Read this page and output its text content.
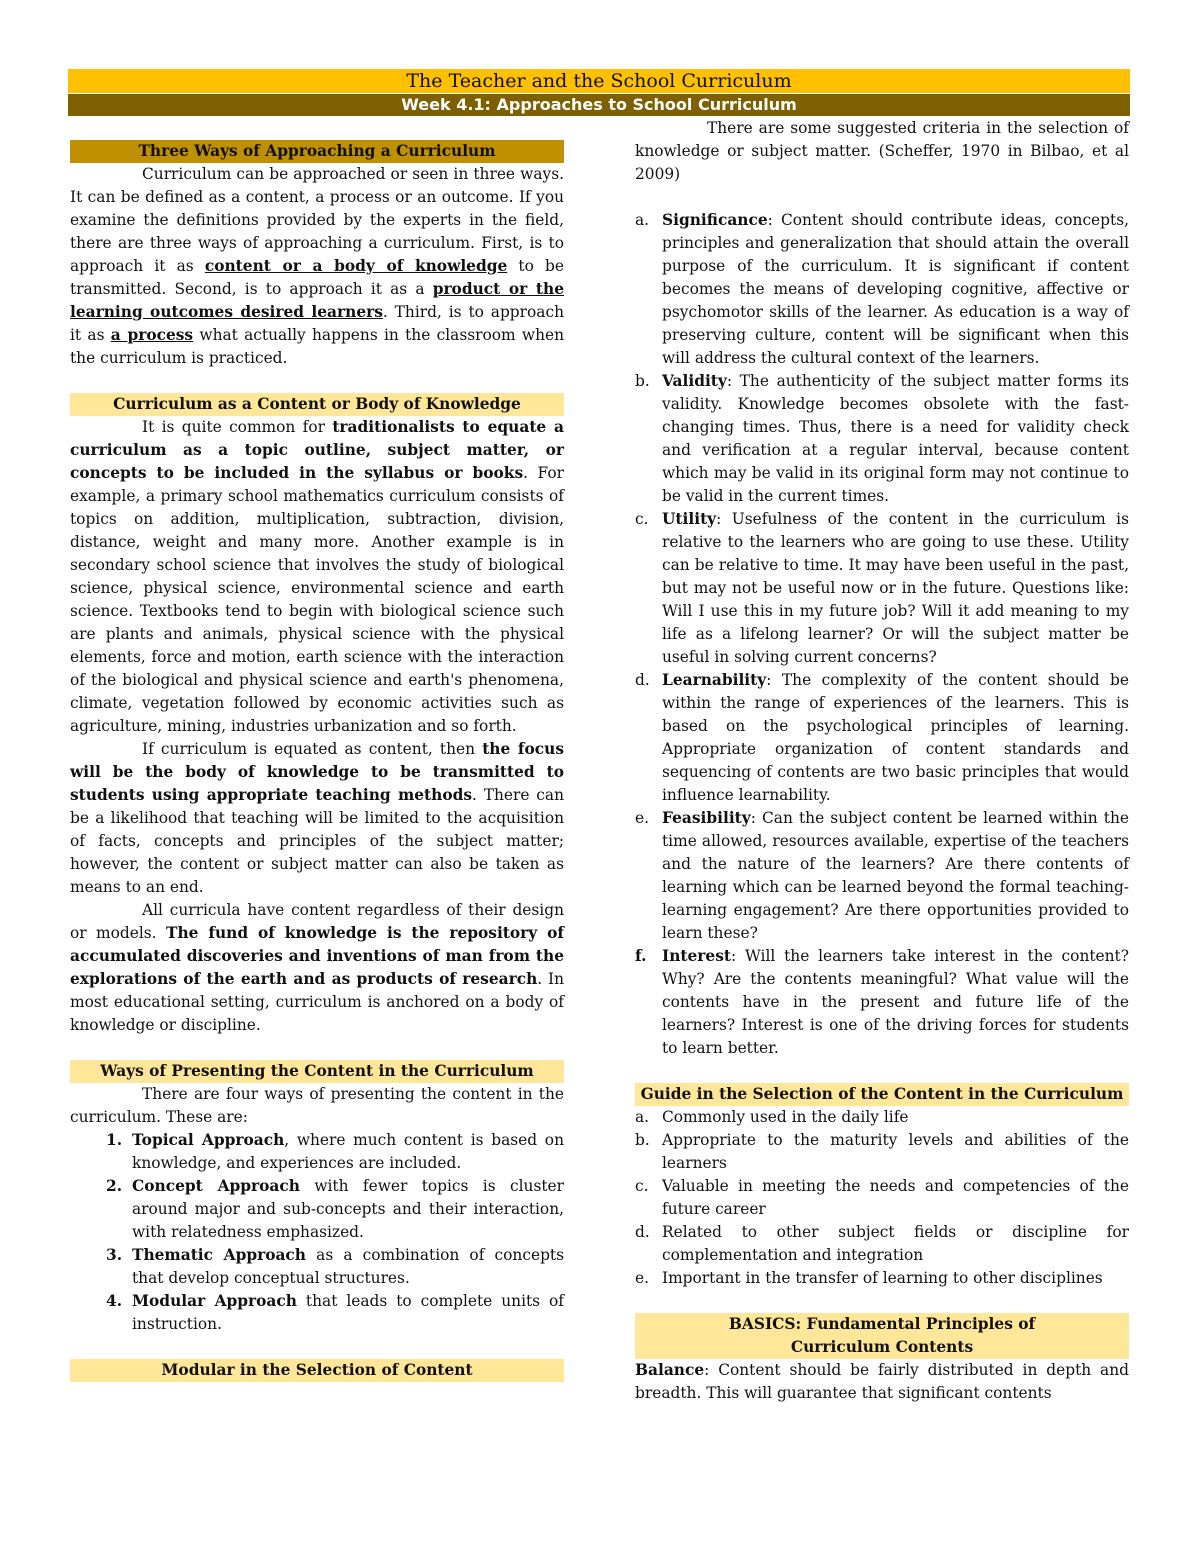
The Teacher and the School Curriculum
Week 4.1: Approaches to School Curriculum
Three Ways of Approaching a Curriculum

Curriculum can be approached or seen in three ways. It can be defined as a content, a process or an outcome. If you examine the definitions provided by the experts in the field, there are three ways of approaching a curriculum. First, is to approach it as content or a body of knowledge to be transmitted. Second, is to approach it as a product or the learning outcomes desired learners. Third, is to approach it as a process what actually happens in the classroom when the curriculum is practiced.

Curriculum as a Content or Body of Knowledge

It is quite common for traditionalists to equate a curriculum as a topic outline, subject matter, or concepts to be included in the syllabus or books. For example, a primary school mathematics curriculum consists of topics on addition, multiplication, subtraction, division, distance, weight and many more. Another example is in secondary school science that involves the study of biological science, physical science, environmental science and earth science. Textbooks tend to begin with biological science such are plants and animals, physical science with the physical elements, force and motion, earth science with the interaction of the biological and physical science and earth's phenomena, climate, vegetation followed by economic activities such as agriculture, mining, industries urbanization and so forth.

If curriculum is equated as content, then the focus will be the body of knowledge to be transmitted to students using appropriate teaching methods. There can be a likelihood that teaching will be limited to the acquisition of facts, concepts and principles of the subject matter; however, the content or subject matter can also be taken as means to an end.

All curricula have content regardless of their design or models. The fund of knowledge is the repository of accumulated discoveries and inventions of man from the explorations of the earth and as products of research. In most educational setting, curriculum is anchored on a body of knowledge or discipline.

Ways of Presenting the Content in the Curriculum

There are four ways of presenting the content in the curriculum. These are:

1. Topical Approach, where much content is based on knowledge, and experiences are included.
2. Concept Approach with fewer topics is cluster around major and sub-concepts and their interaction, with relatedness emphasized.
3. Thematic Approach as a combination of concepts that develop conceptual structures.
4. Modular Approach that leads to complete units of instruction.
Modular in the Selection of Content

There are some suggested criteria in the selection of knowledge or subject matter. (Scheffer, 1970 in Bilbao, et al 2009)

a. Significance: Content should contribute ideas, concepts, principles and generalization that should attain the overall purpose of the curriculum. It is significant if content becomes the means of developing cognitive, affective or psychomotor skills of the learner. As education is a way of preserving culture, content will be significant when this will address the cultural context of the learners.
b. Validity: The authenticity of the subject matter forms its validity. Knowledge becomes obsolete with the fast-changing times. Thus, there is a need for validity check and verification at a regular interval, because content which may be valid in its original form may not continue to be valid in the current times.
c. Utility: Usefulness of the content in the curriculum is relative to the learners who are going to use these. Utility can be relative to time. It may have been useful in the past, but may not be useful now or in the future. Questions like: Will I use this in my future job? Will it add meaning to my life as a lifelong learner? Or will the subject matter be useful in solving current concerns?
d. Learnability: The complexity of the content should be within the range of experiences of the learners. This is based on the psychological principles of learning. Appropriate organization of content standards and sequencing of contents are two basic principles that would influence learnability.
e. Feasibility: Can the subject content be learned within the time allowed, resources available, expertise of the teachers and the nature of the learners? Are there contents of learning which can be learned beyond the formal teaching-learning engagement? Are there opportunities provided to learn these?
f. Interest: Will the learners take interest in the content? Why? Are the contents meaningful? What value will the contents have in the present and future life of the learners? Interest is one of the driving forces for students to learn better.
Guide in the Selection of the Content in the Curriculum
a. Commonly used in the daily life
b. Appropriate to the maturity levels and abilities of the learners
c. Valuable in meeting the needs and competencies of the future career
d. Related to other subject fields or discipline for complementation and integration
e. Important in the transfer of learning to other disciplines
BASICS: Fundamental Principles of Curriculum Contents

Balance: Content should be fairly distributed in depth and breadth. This will guarantee that significant contents
